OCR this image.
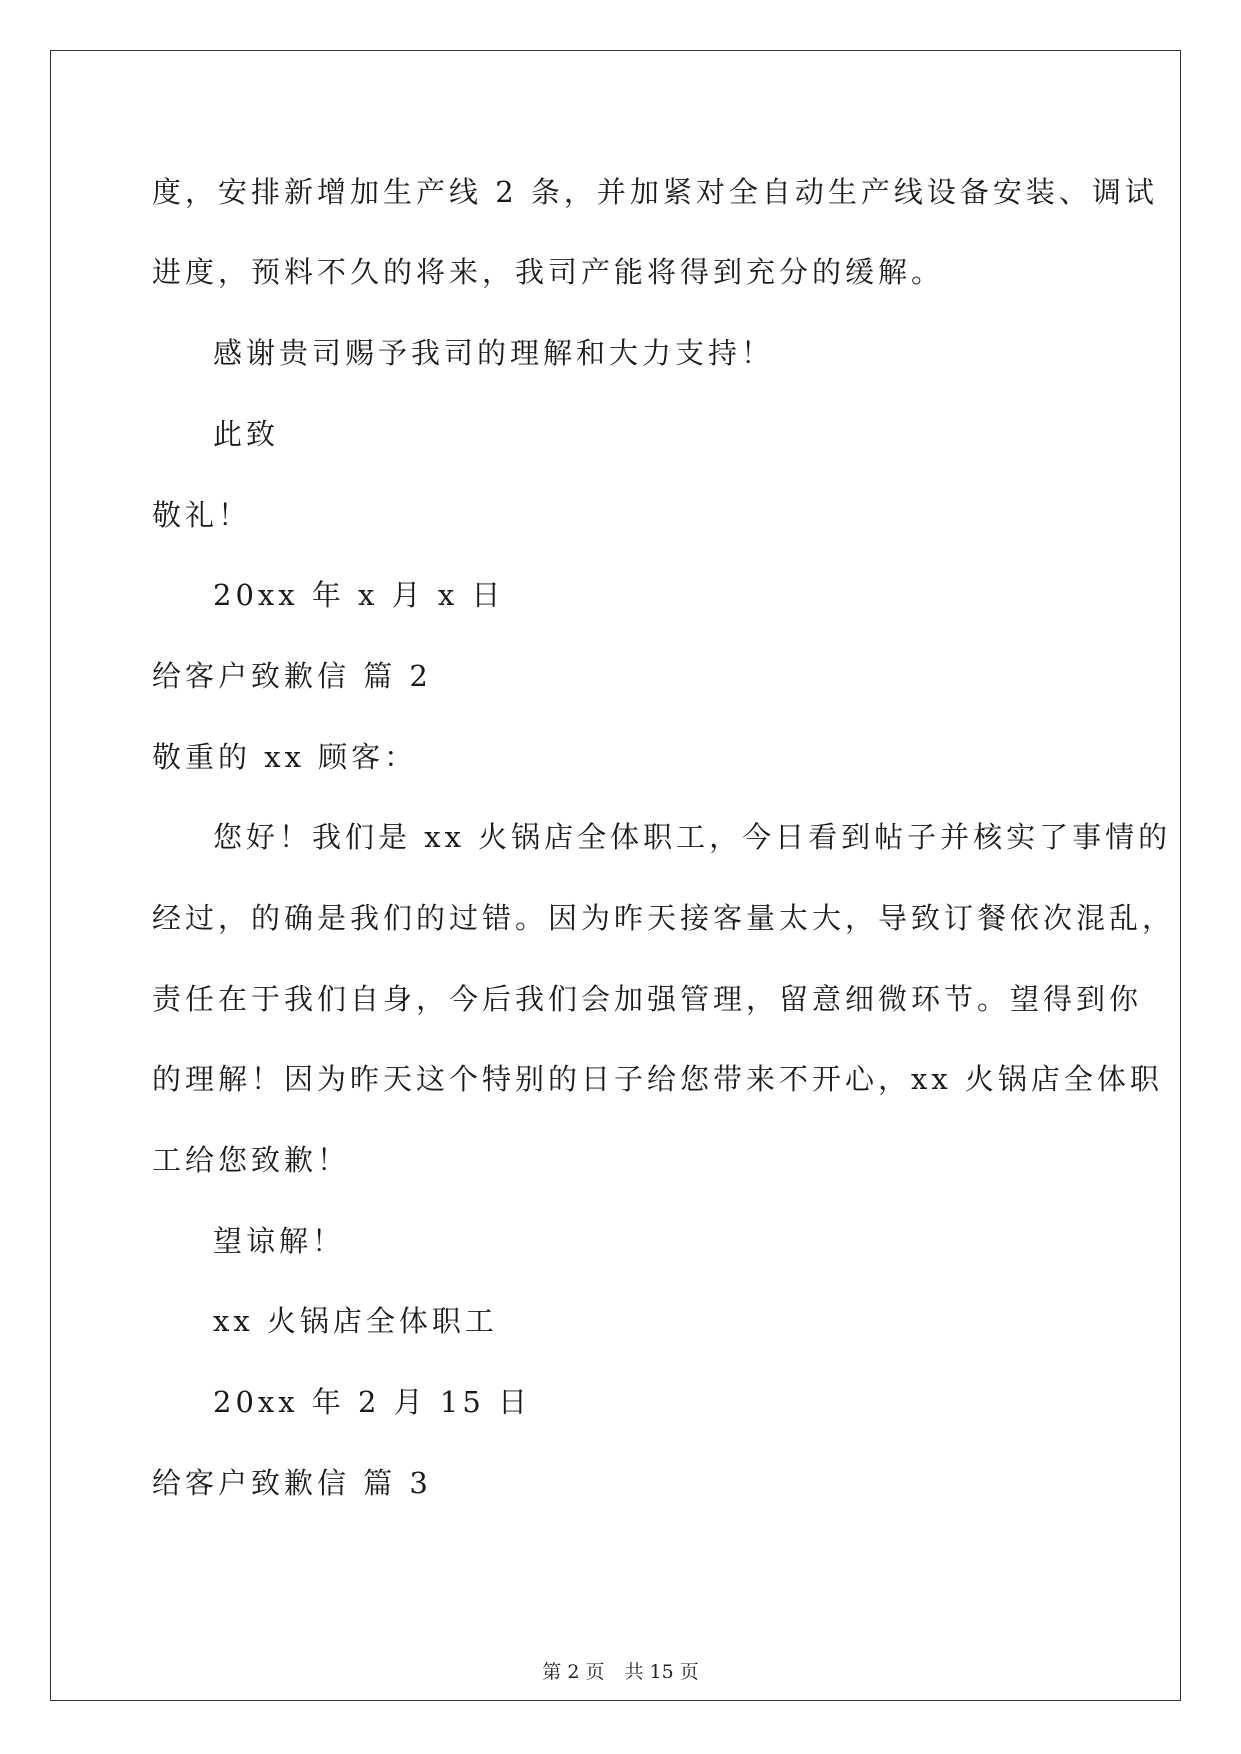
度，安排新增加生产线 2 条，并加紧对全自动生产线设备安装、调试
进度，预料不久的将来，我司产能将得到充分的缓解。
感谢贵司赐予我司的理解和大力支持！
此致
敬礼！
20xx 年 x 月 x 日
给客户致歉信 篇 2
敬重的 xx 顾客：
您好！我们是 xx 火锅店全体职工，今日看到帖子并核实了事情的
经过，的确是我们的过错。因为昨天接客量太大，导致订餐依次混乱，
责任在于我们自身，今后我们会加强管理，留意细微环节。望得到你
的理解！因为昨天这个特别的日子给您带来不开心，xx 火锅店全体职
工给您致歉！
望谅解！
xx 火锅店全体职工
20xx 年 2 月 15 日
给客户致歉信 篇 3
第 2 页 共 15 页
